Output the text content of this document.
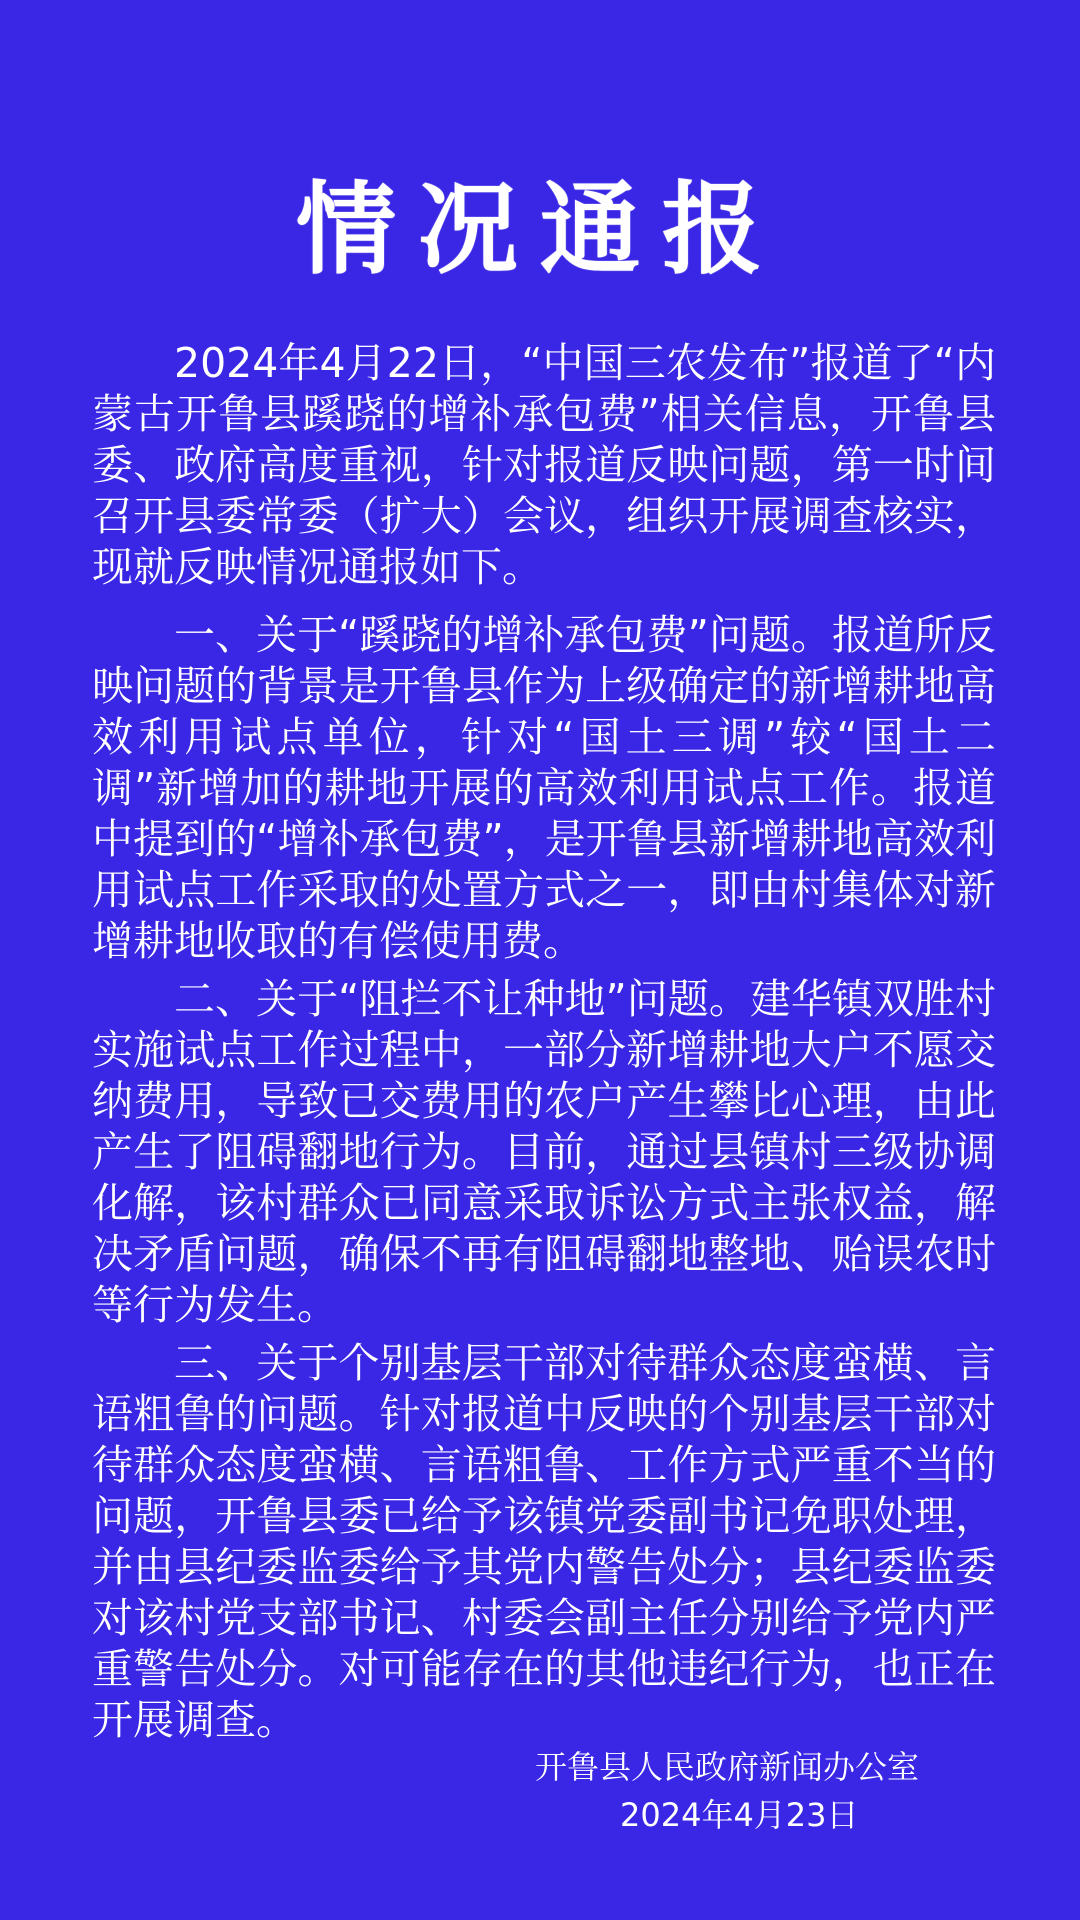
情况通报

2024年4月22日，“中国三农发布”报道了“内蒙古开鲁县蹊跷的增补承包费”相关信息，开鲁县委、政府高度重视，针对报道反映问题，第一时间召开县委常委（扩大）会议，组织开展调查核实，现就反映情况通报如下。

一、关于“蹊跷的增补承包费”问题。报道所反映问题的背景是开鲁县作为上级确定的新增耕地高效利用试点单位，针对“国土三调”较“国土二调”新增加的耕地开展的高效利用试点工作。报道中提到的“增补承包费”，是开鲁县新增耕地高效利用试点工作采取的处置方式之一，即由村集体对新增耕地收取的有偿使用费。

二、关于“阻拦不让种地”问题。建华镇双胜村实施试点工作过程中，一部分新增耕地大户不愿交纳费用，导致已交费用的农户产生攀比心理，由此产生了阻碍翻地行为。目前，通过县镇村三级协调化解，该村群众已同意采取诉讼方式主张权益，解决矛盾问题，确保不再有阻碍翻地整地、贻误农时等行为发生。

三、关于个别基层干部对待群众态度蛮横、言语粗鲁的问题。针对报道中反映的个别基层干部对待群众态度蛮横、言语粗鲁、工作方式严重不当的问题，开鲁县委已给予该镇党委副书记免职处理，并由县纪委监委给予其党内警告处分；县纪委监委对该村党支部书记、村委会副主任分别给予党内严重警告处分。对可能存在的其他违纪行为，也正在开展调查。

开鲁县人民政府新闻办公室
2024年4月23日
